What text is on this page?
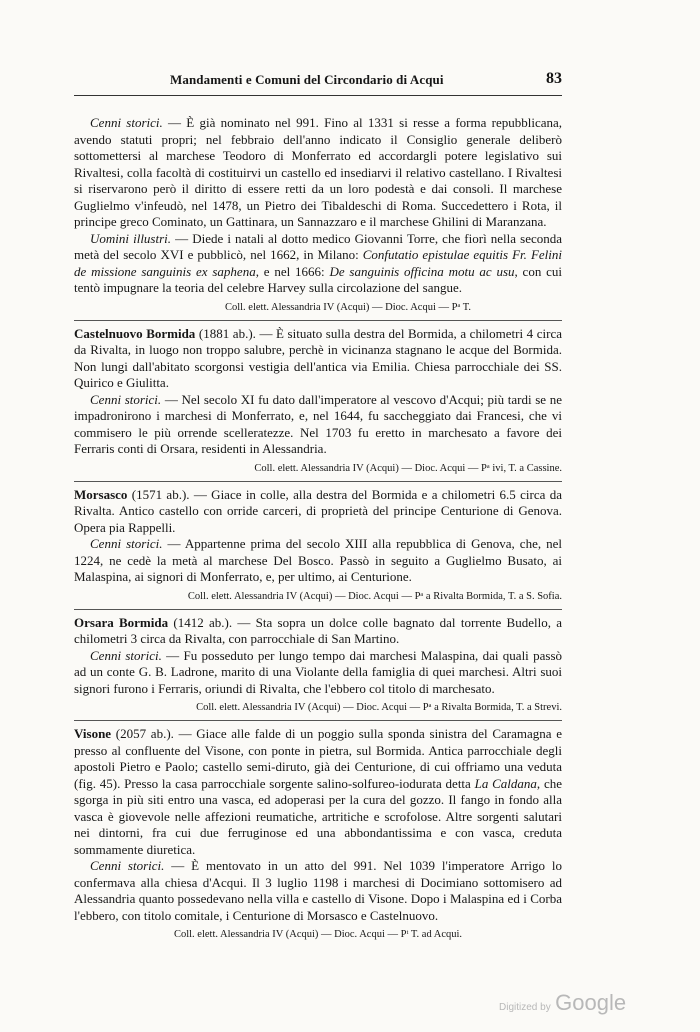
Mandamenti e Comuni del Circondario di Acqui	83

Cenni storici. — È già nominato nel 991. Fino al 1331 si resse a forma repubblicana, avendo statuti propri; nel febbraio dell'anno indicato il Consiglio generale deliberò sottomettersi al marchese Teodoro di Monferrato ed accordargli potere legislativo sui Rivaltesi, colla facoltà di costituirvi un castello ed insediarvi il relativo castellano. I Rivaltesi si riservarono però il diritto di essere retti da un loro podestà e dai consoli. Il marchese Guglielmo v'infeudò, nel 1478, un Pietro dei Tibaldeschi di Roma. Succedettero i Rota, il principe greco Cominato, un Gattinara, un Sannazzaro e il marchese Ghilini di Maranzana.

Uomini illustri. — Diede i natali al dotto medico Giovanni Torre, che fiorì nella seconda metà del secolo XVI e pubblicò, nel 1662, in Milano: Confutatio epistulae equitis Fr. Felini de missione sanguinis ex saphena, e nel 1666: De sanguinis officina motu ac usu, con cui tentò impugnare la teoria del celebre Harvey sulla circolazione del sangue.

Coll. elett. Alessandria IV (Acqui) — Dioc. Acqui — Pᵃ T.

Castelnuovo Bormida (1881 ab.). — È situato sulla destra del Bormida, a chilometri 4 circa da Rivalta, in luogo non troppo salubre, perchè in vicinanza stagnano le acque del Bormida. Non lungi dall'abitato scorgonsi vestigia dell'antica via Emilia. Chiesa parrocchiale dei SS. Quirico e Giulitta.

Cenni storici. — Nel secolo XI fu dato dall'imperatore al vescovo d'Acqui; più tardi se ne impadronirono i marchesi di Monferrato, e, nel 1644, fu saccheggiato dai Francesi, che vi commisero le più orrende scelleratezze. Nel 1703 fu eretto in marchesato a favore dei Ferraris conti di Orsara, residenti in Alessandria.

Coll. elett. Alessandria IV (Acqui) — Dioc. Acqui — Pᵃ ivi, T. a Cassine.

Morsasco (1571 ab.). — Giace in colle, alla destra del Bormida e a chilometri 6.5 circa da Rivalta. Antico castello con orride carceri, di proprietà del principe Centurione di Genova. Opera pia Rappelli.

Cenni storici. — Appartenne prima del secolo XIII alla repubblica di Genova, che, nel 1224, ne cedè la metà al marchese Del Bosco. Passò in seguito a Guglielmo Busato, ai Malaspina, ai signori di Monferrato, e, per ultimo, ai Centurione.

Coll. elett. Alessandria IV (Acqui) — Dioc. Acqui — Pᵃ a Rivalta Bormida, T. a S. Sofia.

Orsara Bormida (1412 ab.). — Sta sopra un dolce colle bagnato dal torrente Budello, a chilometri 3 circa da Rivalta, con parrocchiale di San Martino.

Cenni storici. — Fu posseduto per lungo tempo dai marchesi Malaspina, dai quali passò ad un conte G. B. Ladrone, marito di una Violante della famiglia di quei marchesi. Altri suoi signori furono i Ferraris, oriundi di Rivalta, che l'ebbero col titolo di marchesato.

Coll. elett. Alessandria IV (Acqui) — Dioc. Acqui — Pᵃ a Rivalta Bormida, T. a Strevi.

Visone (2057 ab.). — Giace alle falde di un poggio sulla sponda sinistra del Caramagna e presso al confluente del Visone, con ponte in pietra, sul Bormida. Antica parrocchiale degli apostoli Pietro e Paolo; castello semi-diruto, già dei Centurione, di cui offriamo una veduta (fig. 45). Presso la casa parrocchiale sorgente salino-solfureo-iodurata detta La Caldana, che sgorga in più siti entro una vasca, ed adoperasi per la cura del gozzo. Il fango in fondo alla vasca è giovevole nelle affezioni reumatiche, artritiche e scrofolose. Altre sorgenti salutari nei dintorni, fra cui due ferruginose ed una abbondantissima e con vasca, creduta sommamente diuretica.

Cenni storici. — È mentovato in un atto del 991. Nel 1039 l'imperatore Arrigo lo confermava alla chiesa d'Acqui. Il 3 luglio 1198 i marchesi di Docimiano sottomisero ad Alessandria quanto possedevano nella villa e castello di Visone. Dopo i Malaspina ed i Corba l'ebbero, con titolo comitale, i Centurione di Morsasco e Castelnuovo.

Coll. elett. Alessandria IV (Acqui) — Dioc. Acqui — Pᵗ T. ad Acqui.
Digitized by Google
